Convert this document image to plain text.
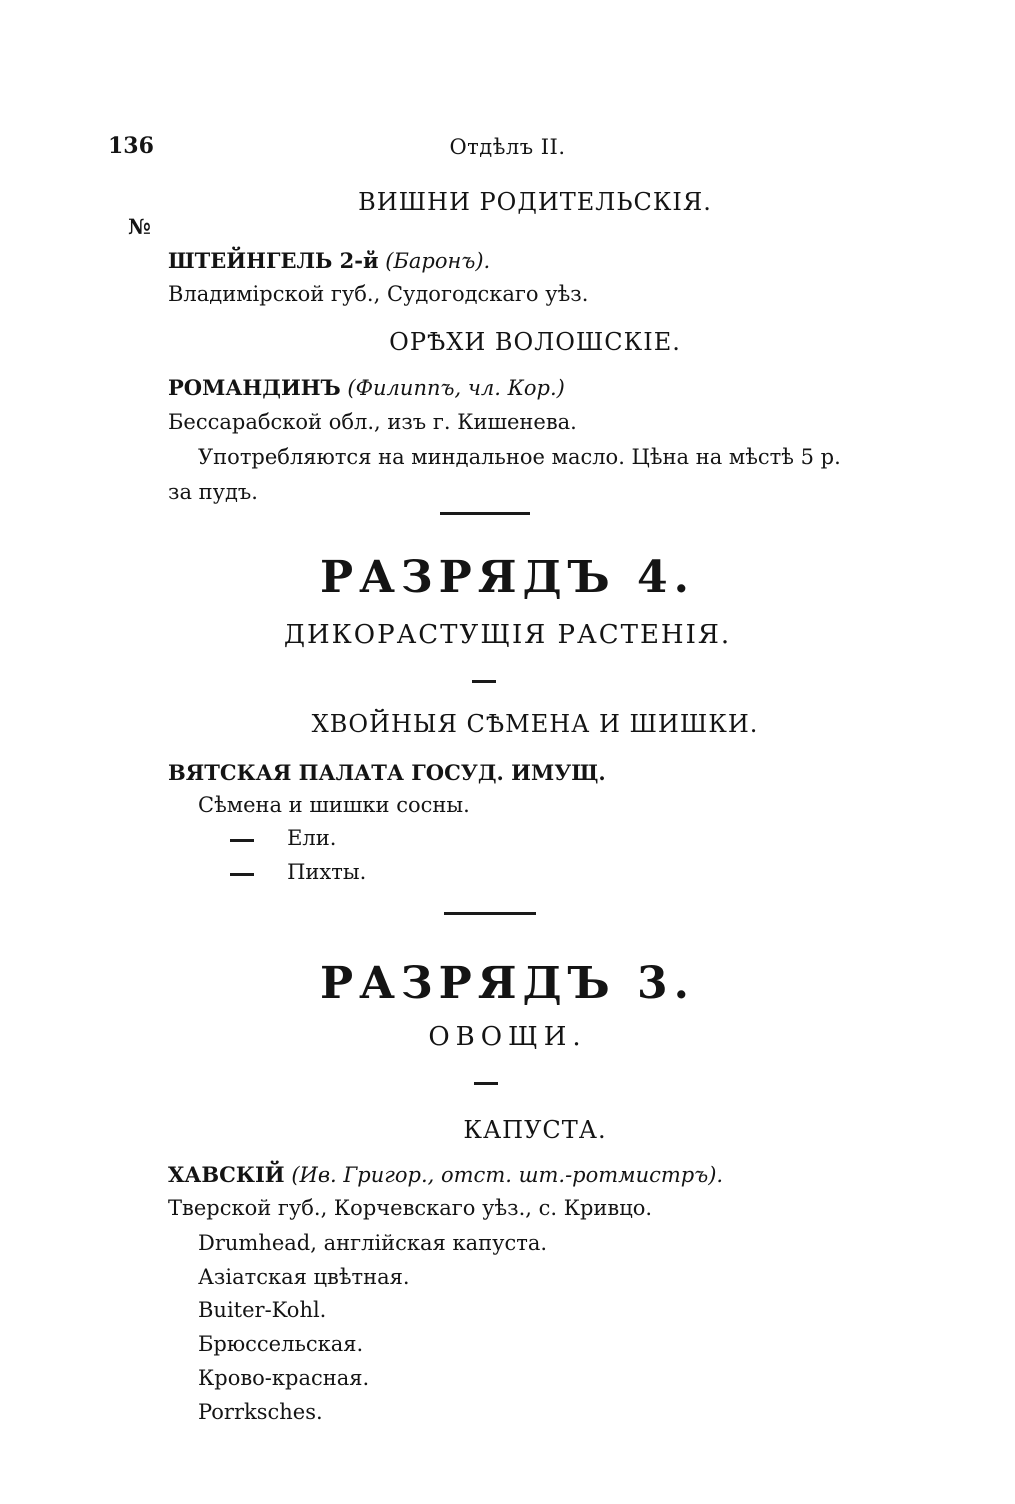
136	Отдѣлъ II.
ВИШНИ РОДИТЕЛЬСКІЯ.
№
ШТЕЙНГЕЛЬ 2-й (Баронъ).
Владимірской губ., Судогодскаго уѣз.
ОРѢХИ ВОЛОШСКІЕ.
РОМАНДИНЪ (Филиппъ, чл. Кор.)
Бессарабской обл., изъ г. Кишенева.
Употребляются на миндальное масло. Цѣна на мѣстѣ 5 р.
за пудъ.
РАЗРЯДЪ 4.
ДИКОРАСТУЩІЯ РАСТЕНІЯ.
ХВОЙНЫЯ СѢМЕНА И ШИШКИ.
ВЯТСКАЯ ПАЛАТА ГОСУД. ИМУЩ.
Сѣмена и шишки сосны.
Ели.
Пихты.
РАЗРЯДЪ 3.
ОВОЩИ.
КАПУСТА.
ХАВСКІЙ (Ив. Григор., отст. шт.-ротмистръ).
Тверской губ., Корчевскаго уѣз., с. Кривцо.
Drumhead, англійская капуста.
Азіатская цвѣтная.
Buiter-Kohl.
Брюссельская.
Крово-красная.
Porrksches.
